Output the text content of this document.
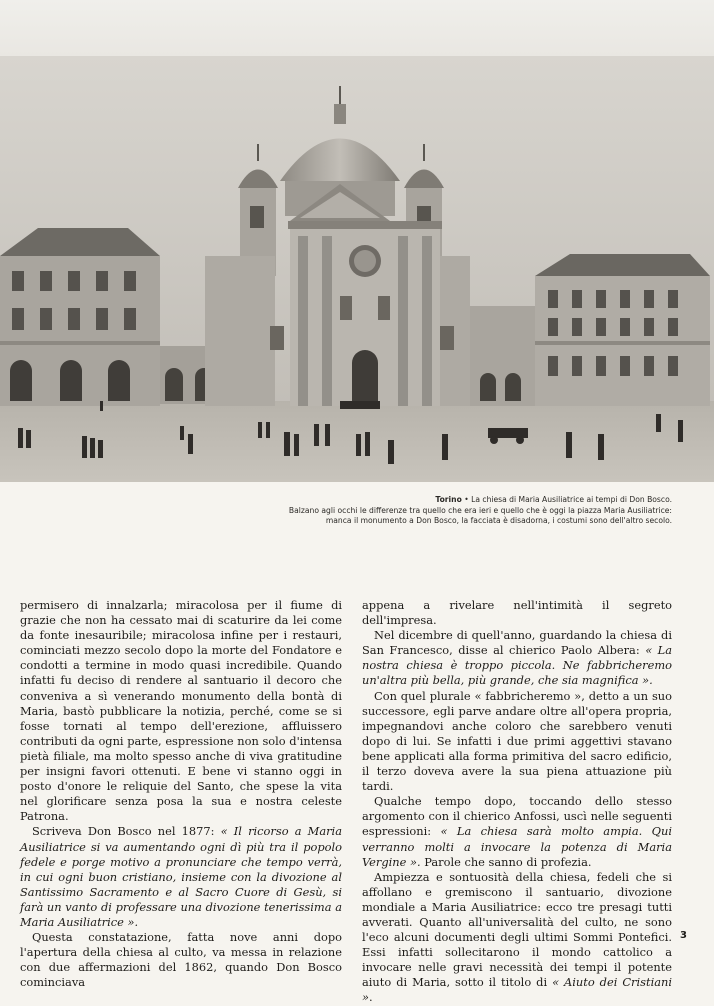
Torino • La chiesa di Maria Ausiliatrice ai tempi di Don Bosco.
Balzano agli occhi le differenze tra quello che era ieri e quello che è oggi la piazza Maria Ausiliatrice:
manca il monumento a Don Bosco, la facciata è disadorna, i costumi sono dell'altro secolo.

permisero di innalzarla; miracolosa per il fiume di grazie che non ha cessato mai di scaturire da lei come da fonte inesauribile; miracolosa infine per i restauri, cominciati mezzo secolo dopo la morte del Fondatore e condotti a termine in modo quasi incredibile. Quando infatti fu deciso di rendere al santuario il decoro che conveniva a sì venerando monumento della bontà di Maria, bastò pubblicare la notizia, perché, come se si fosse tornati al tempo dell'erezione, affluissero contributi da ogni parte, espressione non solo d'intensa pietà filiale, ma molto spesso anche di viva gratitudine per insigni favori ottenuti. E bene vi stanno oggi in posto d'onore le reliquie del Santo, che spese la vita nel glorificare senza posa la sua e nostra celeste Patrona.

Scriveva Don Bosco nel 1877: « Il ricorso a Maria Ausiliatrice si va aumentando ogni dì più tra il popolo fedele e porge motivo a pronunciare che tempo verrà, in cui ogni buon cristiano, insieme con la divozione al Santissimo Sacramento e al Sacro Cuore di Gesù, si farà un vanto di professare una divozione tenerissima a Maria Ausiliatrice ».

Questa constatazione, fatta nove anni dopo l'apertura della chiesa al culto, va messa in relazione con due affermazioni del 1862, quando Don Bosco cominciava

appena a rivelare nell'intimità il segreto dell'impresa.

Nel dicembre di quell'anno, guardando la chiesa di San Francesco, disse al chierico Paolo Albera: « La nostra chiesa è troppo piccola. Ne fabbricheremo un'altra più bella, più grande, che sia magnifica ».

Con quel plurale « fabbricheremo », detto a un suo successore, egli parve andare oltre all'opera propria, impegnandovi anche coloro che sarebbero venuti dopo di lui. Se infatti i due primi aggettivi stavano bene applicati alla forma primitiva del sacro edificio, il terzo doveva avere la sua piena attuazione più tardi.

Qualche tempo dopo, toccando dello stesso argomento con il chierico Anfossi, uscì nelle seguenti espressioni: « La chiesa sarà molto ampia. Qui verranno molti a invocare la potenza di Maria Vergine ». Parole che sanno di profezia.

Ampiezza e sontuosità della chiesa, fedeli che si affollano e gremiscono il santuario, divozione mondiale a Maria Ausiliatrice: ecco tre presagi tutti avverati. Quanto all'universalità del culto, ne sono l'eco alcuni documenti degli ultimi Sommi Pontefici. Essi infatti sollecitarono il mondo cattolico a invocare nelle gravi necessità dei tempi il potente aiuto di Maria, sotto il titolo di « Aiuto dei Cristiani ».

3
